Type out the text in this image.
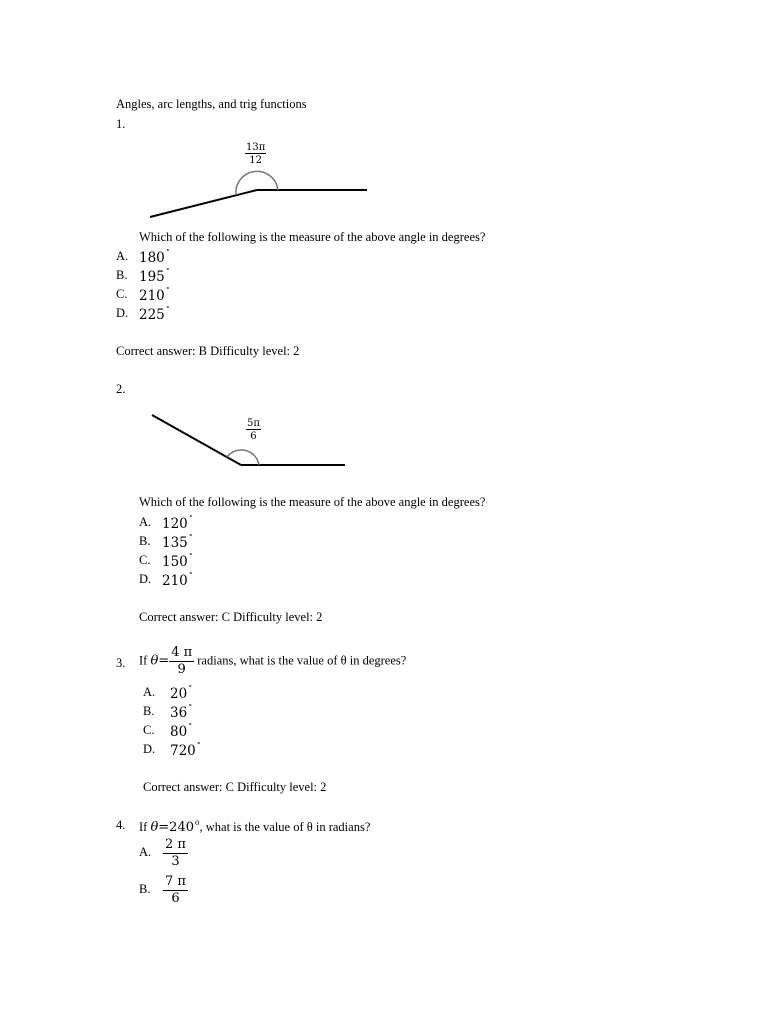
Angles, arc lengths, and trig functions
1.
$\frac{13\pi}{12}$
Which of the following is the measure of the above angle in degrees?
A. 180˚
B. 195˚
C. 210˚
D. 225˚
Correct answer: B Difficulty level: 2
2.
$\frac{5\pi}{6}$
Which of the following is the measure of the above angle in degrees?
A. 120˚
B. 135˚
C. 150˚
D. 210˚
Correct answer: C Difficulty level: 2
3. If $\theta= \frac{4 \pi}{9}$ radians, what is the value of θ in degrees?
A. 20˚
B. 36˚
C. 80˚
D. 720˚
Correct answer: C Difficulty level: 2
4. If $\theta=240^o$, what is the value of θ in radians?
A. $\frac{2 \pi}{3}$
B. $\frac{7 \pi}{6}$
